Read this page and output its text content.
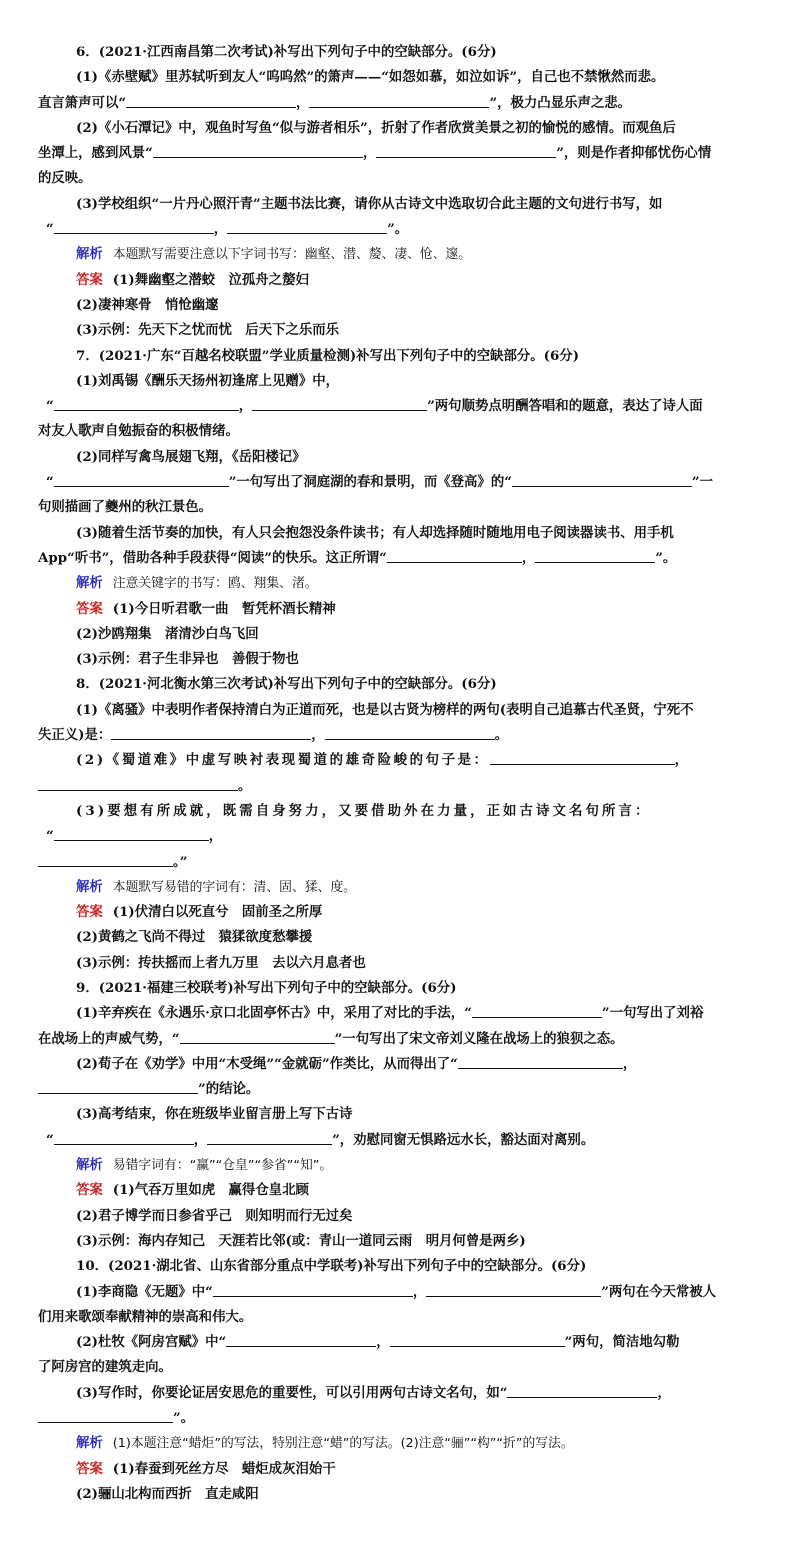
6．(2021·江西南昌第二次考试)补写出下列句子中的空缺部分。(6分)
(1)《赤壁赋》里苏轼听到友人“呜呜然”的箫声——“如怨如慕，如泣如诉”，自己也不禁愀然而悲。
直言箫声可以“	，	”，极力凸显乐声之悲。
(2)《小石潭记》中，观鱼时写鱼“似与游者相乐”，折射了作者欣赏美景之初的愉悦的感情。而观鱼后
坐潭上，感到风景“	，	”，则是作者抑郁忧伤心情
的反映。
(3)学校组织“一片丹心照汗青”主题书法比赛，请你从古诗文中选取切合此主题的文句进行书写，如
“	，	”。
解析 本题默写需要注意以下字词书写：幽壑、潜、嫠、凄、怆、邃。
答案 (1)舞幽壑之潜蛟　泣孤舟之嫠妇
(2)凄神寒骨　悄怆幽邃
(3)示例：先天下之忧而忧　后天下之乐而乐
7．(2021·广东“百越名校联盟”学业质量检测)补写出下列句子中的空缺部分。(6分)
(1)刘禹锡《酬乐天扬州初逢席上见赠》中，
“	，	”两句顺势点明酬答唱和的题意，表达了诗人面
对友人歌声自勉振奋的积极情绪。
(2)同样写禽鸟展翅飞翔，《岳阳楼记》
“	”一句写出了洞庭湖的春和景明，而《登高》的“	”一
句则描画了夔州的秋江景色。
(3)随着生活节奏的加快，有人只会抱怨没条件读书；有人却选择随时随地用电子阅读器读书、用手机
App“听书”，借助各种手段获得“阅读”的快乐。这正所谓“	，	”。
解析 注意关键字的书写：鸥、翔集、渚。
答案 (1)今日听君歌一曲　暂凭杯酒长精神
(2)沙鸥翔集　渚清沙白鸟飞回
(3)示例：君子生非异也　善假于物也
8．(2021·河北衡水第三次考试)补写出下列句子中的空缺部分。(6分)
(1)《离骚》中表明作者保持清白为正道而死，也是以古贤为榜样的两句(表明自己追慕古代圣贤，宁死不
失正义)是：	，	。
(2)《蜀道难》中虚写映衬表现蜀道的雄奇险峻的句子是：	，
。
(3)要想有所成就，既需自身努力，又要借助外在力量，正如古诗文名句所言：
“	，
。”
解析 本题默写易错的字词有：清、固、猱、度。
答案 (1)伏清白以死直兮　固前圣之所厚
(2)黄鹤之飞尚不得过　猿猱欲度愁攀援
(3)示例：抟扶摇而上者九万里　去以六月息者也
9．(2021·福建三校联考)补写出下列句子中的空缺部分。(6分)
(1)辛弃疾在《永遇乐·京口北固亭怀古》中，采用了对比的手法，“	”一句写出了刘裕
在战场上的声威气势，“	”一句写出了宋文帝刘义隆在战场上的狼狈之态。
(2)荀子在《劝学》中用“木受绳”“金就砺”作类比，从而得出了“	，
”的结论。
(3)高考结束，你在班级毕业留言册上写下古诗
“	，	”，劝慰同窗无惧路远水长，豁达面对离别。
解析 易错字词有：“赢”“仓皇”“参省”“知”。
答案 (1)气吞万里如虎　赢得仓皇北顾
(2)君子博学而日参省乎己　则知明而行无过矣
(3)示例：海内存知己　天涯若比邻(或：青山一道同云雨　明月何曾是两乡)
10．(2021·湖北省、山东省部分重点中学联考)补写出下列句子中的空缺部分。(6分)
(1)李商隐《无题》中“	，	”两句在今天常被人
们用来歌颂奉献精神的崇高和伟大。
(2)杜牧《阿房宫赋》中“	，	”两句，简洁地勾勒
了阿房宫的建筑走向。
(3)写作时，你要论证居安思危的重要性，可以引用两句古诗文名句，如“	，
”。
解析 (1)本题注意“蜡炬”的写法，特别注意“蜡”的写法。(2)注意“骊”“构”“折”的写法。
答案 (1)春蚕到死丝方尽　蜡炬成灰泪始干
(2)骊山北构而西折　直走咸阳
